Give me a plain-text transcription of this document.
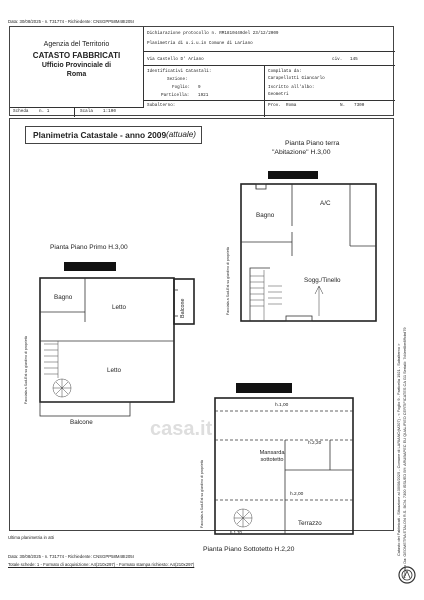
Data: 30/08/2025 - n. T31774 - Richiedente: CNSGPP58M48I205I
Agenzia del Territorio
CATASTO FABBRICATI
Ufficio Provinciale di
Roma
Dichiarazione protocollo n. RM1810440del 23/12/2009
Planimetria di u.i.u.in Comune di Lariano
Via Castello D' Ariano	civ. 145
Identificativi Catastali:
Sezione:
Foglio: 9
Particella: 1921
Subalterno:
Compilata da:
Carapellotti Giancarlo
Iscritto all'albo:
Geometri
Prov. Roma	N. 7300
Scheda n. 1	Scala 1:100
Planimetria Catastale - anno 2009 (attuale)
Pianta Piano terra
"Abitazione" H.3,00
Bagno
A/C
Sogg./Tinello
Facciata a Sud-Est su giardino di proprietà
Pianta Piano Primo H.3,00
Bagno
Letto	Balcone
Letto
Balcone
Facciata a Sud-Est su giardino di proprietà
h.1,00
h.2,20
Mansarda sottotetto
h.2,00
Terrazzo
h.1,70
Facciata a Sud-Est su giardino di proprietà
Pianta Piano Sottotetto H.2,20
casa.it
Ultima planimetria in atti
Data: 30/08/2025 - n. T31774 - Richiedente: CNSGPP58M48I205I
Totale schede: 1 - Formato di acquisizione: A4(210x297) - Formato stampa richiesto: A4(210x297)
Catasto dei Fabbricati - Situazione al 30/08/2025 - Comune di LARIANO(M207) - < Foglio 9 - Particella 1921 - Subalterno > Firmato Da: GEOMETRA ETALON R.S. BCN. 7300 ISSUED BY: ARUBAPEC EU QUALIFIED CERTIFICATES CA G1 Serial#: 7d4ee6be8ffcbd79
